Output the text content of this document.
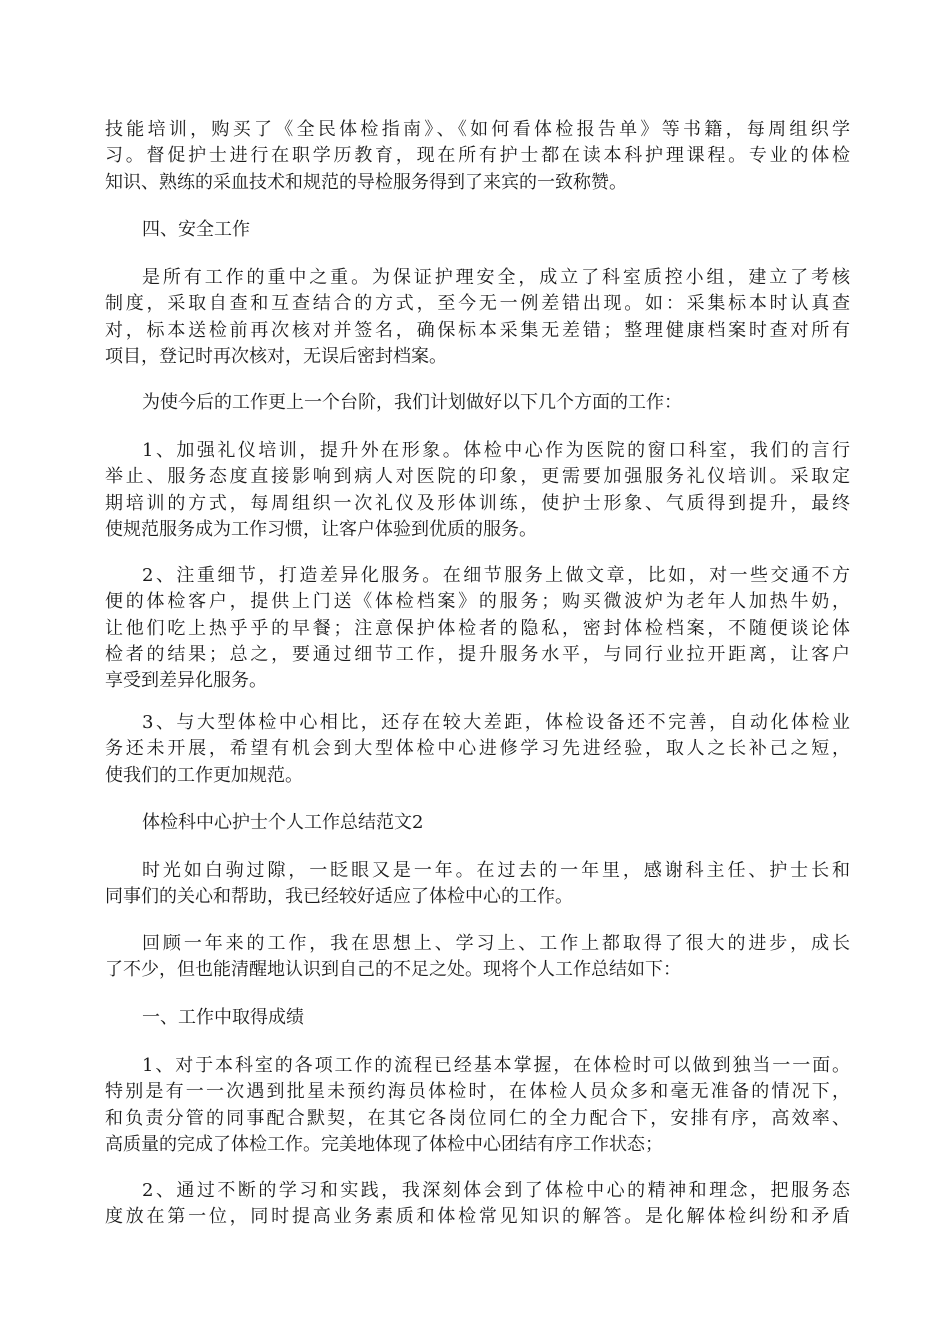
技能培训，购买了《全民体检指南》、《如何看体检报告单》等书籍，每周组织学
习。督促护士进行在职学历教育，现在所有护士都在读本科护理课程。专业的体检
知识、熟练的采血技术和规范的导检服务得到了来宾的一致称赞。
四、安全工作
是所有工作的重中之重。为保证护理安全，成立了科室质控小组，建立了考核
制度，采取自查和互查结合的方式，至今无一例差错出现。如：采集标本时认真查
对，标本送检前再次核对并签名，确保标本采集无差错；整理健康档案时查对所有
项目，登记时再次核对，无误后密封档案。
为使今后的工作更上一个台阶，我们计划做好以下几个方面的工作：
1、加强礼仪培训，提升外在形象。体检中心作为医院的窗口科室，我们的言行
举止、服务态度直接影响到病人对医院的印象，更需要加强服务礼仪培训。采取定
期培训的方式，每周组织一次礼仪及形体训练，使护士形象、气质得到提升，最终
使规范服务成为工作习惯，让客户体验到优质的服务。
2、注重细节，打造差异化服务。在细节服务上做文章，比如，对一些交通不方
便的体检客户，提供上门送《体检档案》的服务；购买微波炉为老年人加热牛奶，
让他们吃上热乎乎的早餐；注意保护体检者的隐私，密封体检档案，不随便谈论体
检者的结果；总之，要通过细节工作，提升服务水平，与同行业拉开距离，让客户
享受到差异化服务。
3、与大型体检中心相比，还存在较大差距，体检设备还不完善，自动化体检业
务还未开展，希望有机会到大型体检中心进修学习先进经验，取人之长补己之短，
使我们的工作更加规范。
体检科中心护士个人工作总结范文2
时光如白驹过隙，一眨眼又是一年。在过去的一年里，感谢科主任、护士长和
同事们的关心和帮助，我已经较好适应了体检中心的工作。
回顾一年来的工作，我在思想上、学习上、工作上都取得了很大的进步，成长
了不少，但也能清醒地认识到自己的不足之处。现将个人工作总结如下：
一、工作中取得成绩
1、对于本科室的各项工作的流程已经基本掌握，在体检时可以做到独当一一面。
特别是有一一次遇到批星未预约海员体检时，在体检人员众多和毫无准备的情况下，
和负责分管的同事配合默契，在其它各岗位同仁的全力配合下，安排有序，高效率、
高质量的完成了体检工作。完美地体现了体检中心团结有序工作状态；
2、通过不断的学习和实践，我深刻体会到了体检中心的精神和理念，把服务态
度放在第一位，同时提高业务素质和体检常见知识的解答。是化解体检纠纷和矛盾
